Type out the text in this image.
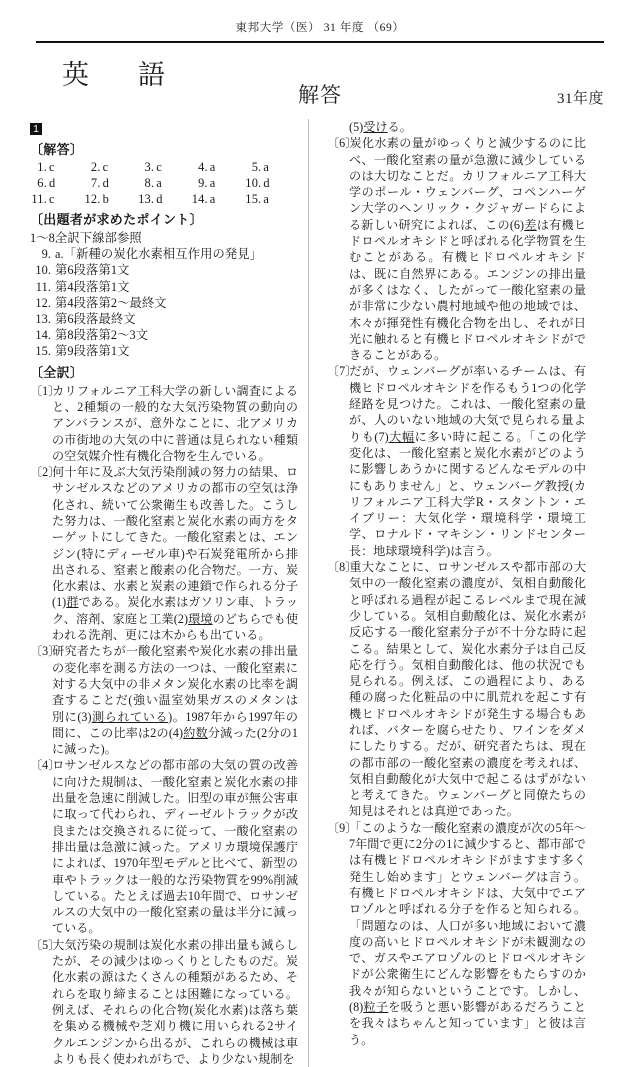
東邦大学（医） 31 年度 （69）
英　語
解答	31年度
1
〔解答〕
1. c	2. c	3. c	4. a	5. a
6. d	7. d	8. a	9. a	10. d
11. c	12. b	13. d	14. a	15. a
〔出題者が求めたポイント〕
1～8.全訳下線部参照
9. a.「新種の炭化水素相互作用の発見」
10. 第6段落第1文
11. 第4段落第1文
12. 第4段落第2～最終文
13. 第6段落最終文
14. 第8段落第2～3文
15. 第9段落第1文
〔全訳〕

〔1〕カリフォルニア工科大学の新しい調査によると、2種類の一般的な大気汚染物質の動向のアンバランスが、意外なことに、北アメリカの市街地の大気の中に普通は見られない種類の空気媒介性有機化合物を生んでいる。

〔2〕何十年に及ぶ大気汚染削減の努力の結果、ロサンゼルスなどのアメリカの都市の空気は浄化され、続いて公衆衛生も改善した。こうした努力は、一酸化窒素と炭化水素の両方をターゲットにしてきた。一酸化窒素とは、エンジン(特にディーゼル車)や石炭発電所から排出される、窒素と酸素の化合物だ。一方、炭化水素は、水素と炭素の連鎖で作られる分子(1)群である。炭化水素はガソリン車、トラック、溶剤、家庭と工業(2)環境のどちらでも使われる洗剤、更には木からも出ている。

〔3〕研究者たちが一酸化窒素や炭化水素の排出量の変化率を測る方法の一つは、一酸化窒素に対する大気中の非メタン炭化水素の比率を調査することだ(強い温室効果ガスのメタンは別に(3)測られている)。1987年から1997年の間に、この比率は2の(4)約数分減った(2分の1に減った)。

〔4〕ロサンゼルスなどの都市部の大気の質の改善に向けた規制は、一酸化窒素と炭化水素の排出量を急速に削減した。旧型の車が無公害車に取って代わられ、ディーゼルトラックが改良または交換されるに従って、一酸化窒素の排出量は急激に減った。アメリカ環境保護庁によれば、1970年型モデルと比べて、新型の車やトラックは一般的な汚染物質を99%削減している。たとえば過去10年間で、ロサンゼルスの大気中の一酸化窒素の量は半分に減っている。

〔5〕大気汚染の規制は炭化水素の排出量も減らしたが、その減少はゆっくりとしたものだ。炭化水素の源はたくさんの種類があるため、それらを取り締まることは困難になっている。例えば、それらの化合物(炭化水素)は落ち葉を集める機械や芝刈り機に用いられる2サイクルエンジンから出るが、これらの機械は車よりも長く使われがちで、より少ない規制を

(5)受ける。

〔6〕炭化水素の量がゆっくりと減少するのに比べ、一酸化窒素の量が急激に減少しているのは大切なことだ。カリフォルニア工科大学のポール・ウェンバーグ、コペンハーゲン大学のヘンリック・クジャガードらによる新しい研究によれば、この(6)差は有機ヒドロペルオキシドと呼ばれる化学物質を生むことがある。有機ヒドロペルオキシドは、既に自然界にある。エンジンの排出量が多くはなく、したがって一酸化窒素の量が非常に少ない農村地域や他の地域では、木々が揮発性有機化合物を出し、それが日光に触れると有機ヒドロペルオキシドができることがある。

〔7〕だが、ウェンバーグが率いるチームは、有機ヒドロペルオキシドを作るもう1つの化学経路を見つけた。これは、一酸化窒素の量が、人のいない地域の大気で見られる量よりも(7)大幅に多い時に起こる。「この化学変化は、一酸化窒素と炭化水素がどのように影響しあうかに関するどんなモデルの中にもありません」と、ウェンバーグ教授(カリフォルニア工科大学R・スタントン・エイブリー：大気化学・環境科学・環境工学、ロナルド・マキシン・リンドセンター長：地球環境科学)は言う。

〔8〕重大なことに、ロサンゼルスや都市部の大気中の一酸化窒素の濃度が、気相自動酸化と呼ばれる過程が起こるレベルまで現在減少している。気相自動酸化は、炭化水素が反応する一酸化窒素分子が不十分な時に起こる。結果として、炭化水素分子は自己反応を行う。気相自動酸化は、他の状況でも見られる。例えば、この過程により、ある種の腐った化粧品の中に肌荒れを起こす有機ヒドロペルオキシドが発生する場合もあれば、バターを腐らせたり、ワインをダメにしたりする。だが、研究者たちは、現在の都市部の一酸化窒素の濃度を考えれば、気相自動酸化が大気中で起こるはずがないと考えてきた。ウェンバーグと同僚たちの知見はそれとは真逆であった。

〔9〕「このような一酸化窒素の濃度が次の5年～7年間で更に2分の1に減少すると、都市部では有機ヒドロペルオキシドがますます多く発生し始めます」とウェンバーグは言う。有機ヒドロペルオキシドは、大気中でエアロゾルと呼ばれる分子を作ると知られる。「問題なのは、人口が多い地域において濃度の高いヒドロペルオキシドが未観測なので、ガスやエアロゾルのヒドロペルオキシドが公衆衛生にどんな影響をもたらすのか我々が知らないということです。しかし、(8)粒子を吸うと悪い影響があるだろうことを我々はちゃんと知っています」と彼は言う。
